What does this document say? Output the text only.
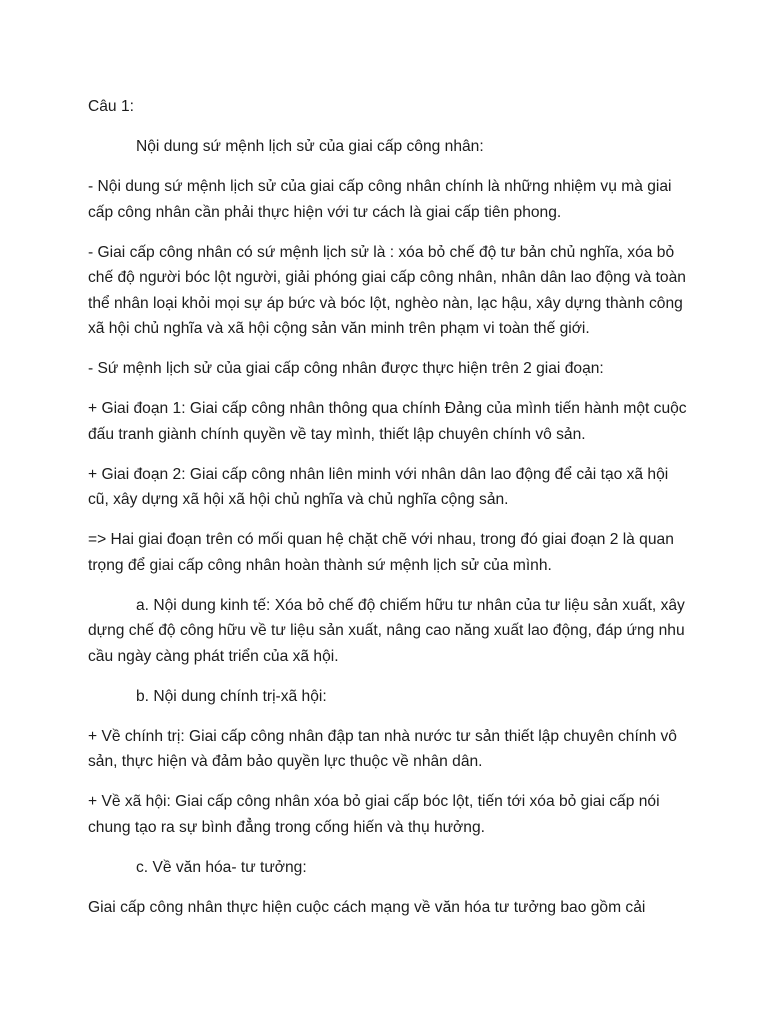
Câu 1:

Nội dung sứ mệnh lịch sử của giai cấp công nhân:

- Nội dung sứ mệnh lịch sử của giai cấp công nhân chính là những nhiệm vụ mà giai cấp công nhân cần phải thực hiện với tư cách là giai cấp tiên phong.

- Giai cấp công nhân có sứ mệnh lịch sử là : xóa bỏ chế độ tư bản chủ nghĩa, xóa bỏ chế độ người bóc lột người, giải phóng giai cấp công nhân, nhân dân lao động và toàn thể nhân loại khỏi mọi sự áp bức và bóc lột, nghèo nàn, lạc hậu, xây dựng thành công xã hội chủ nghĩa và xã hội cộng sản văn minh trên phạm vi toàn thế giới.

- Sứ mệnh lịch sử của giai cấp công nhân được thực hiện trên 2 giai đoạn:

+ Giai đoạn 1: Giai cấp công nhân thông qua chính Đảng của mình tiến hành một cuộc đấu tranh giành chính quyền về tay mình, thiết lập chuyên chính vô sản.

+ Giai đoạn 2: Giai cấp công nhân liên minh với nhân dân lao động để cải tạo xã hội cũ, xây dựng xã hội xã hội chủ nghĩa và chủ nghĩa cộng sản.

=> Hai giai đoạn trên có mối quan hệ chặt chẽ với nhau, trong đó giai đoạn 2 là quan trọng để giai cấp công nhân hoàn thành sứ mệnh lịch sử của mình.

a. Nội dung kinh tế: Xóa bỏ chế độ chiếm hữu tư nhân của tư liệu sản xuất, xây dựng chế độ công hữu về tư liệu sản xuất, nâng cao năng xuất lao động, đáp ứng nhu cầu ngày càng phát triển của xã hội.

b. Nội dung chính trị-xã hội:

+ Về chính trị: Giai cấp công nhân đập tan nhà nước tư sản thiết lập chuyên chính vô sản, thực hiện và đảm bảo quyền lực thuộc về nhân dân.

+ Về xã hội: Giai cấp công nhân xóa bỏ giai cấp bóc lột, tiến tới xóa bỏ giai cấp nói chung tạo ra sự bình đẳng trong cống hiến và thụ hưởng.

c. Về văn hóa- tư tưởng:

Giai cấp công nhân thực hiện cuộc cách mạng về văn hóa tư tưởng bao gồm cải
